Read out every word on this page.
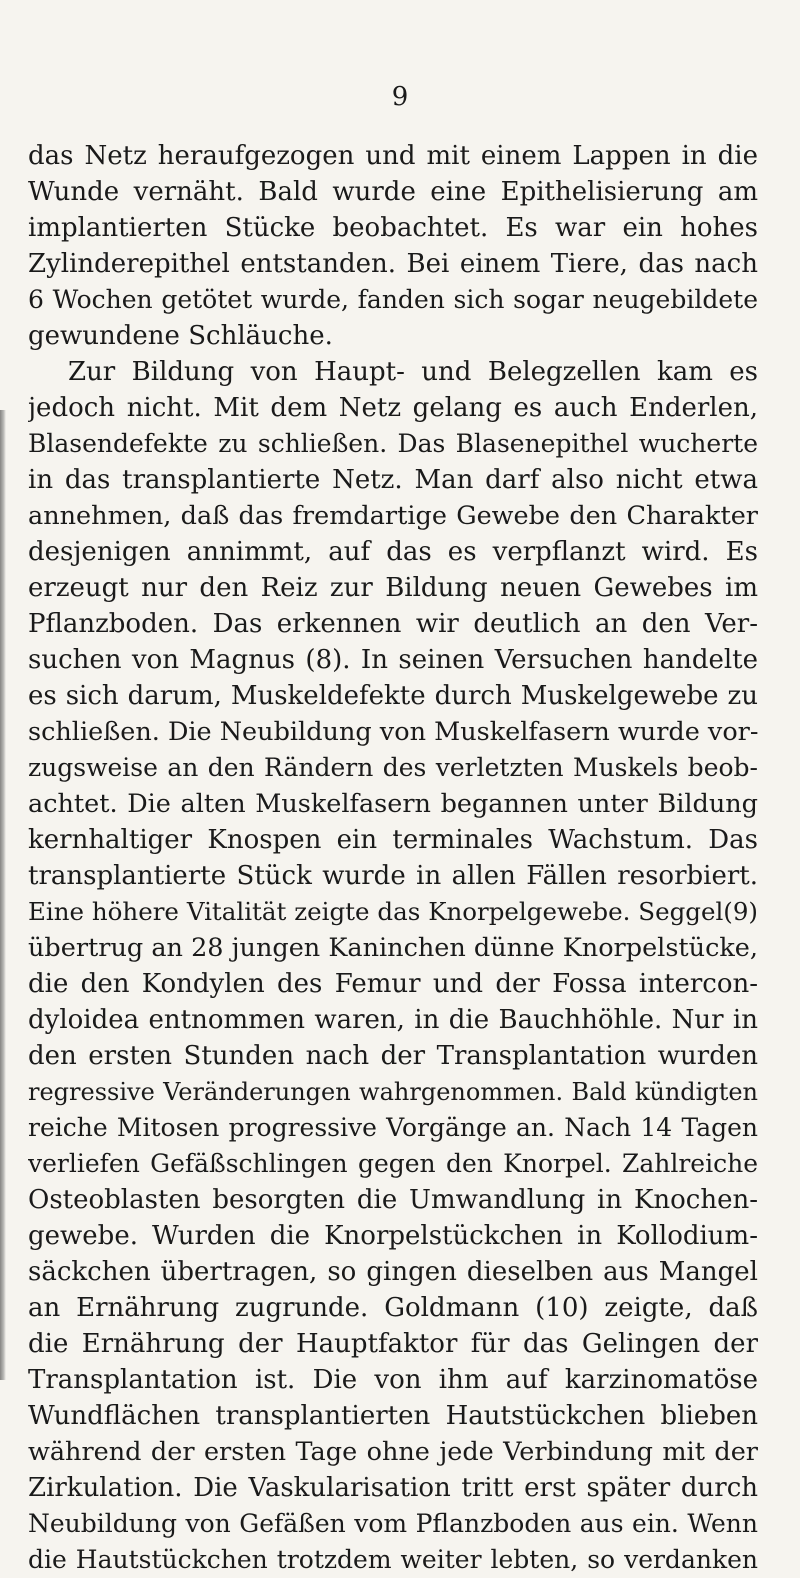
9
das Netz heraufgezogen und mit einem Lappen in die
Wunde vernäht. Bald wurde eine Epithelisierung am
implantierten Stücke beobachtet. Es war ein hohes
Zylinderepithel entstanden. Bei einem Tiere, das nach
6 Wochen getötet wurde, fanden sich sogar neugebildete
gewundene Schläuche.
Zur Bildung von Haupt- und Belegzellen kam es
jedoch nicht. Mit dem Netz gelang es auch Enderlen,
Blasendefekte zu schließen. Das Blasenepithel wucherte
in das transplantierte Netz. Man darf also nicht etwa
annehmen, daß das fremdartige Gewebe den Charakter
desjenigen annimmt, auf das es verpflanzt wird. Es
erzeugt nur den Reiz zur Bildung neuen Gewebes im
Pflanzboden. Das erkennen wir deutlich an den Ver-
suchen von Magnus (8). In seinen Versuchen handelte
es sich darum, Muskeldefekte durch Muskelgewebe zu
schließen. Die Neubildung von Muskelfasern wurde vor-
zugsweise an den Rändern des verletzten Muskels beob-
achtet. Die alten Muskelfasern begannen unter Bildung
kernhaltiger Knospen ein terminales Wachstum. Das
transplantierte Stück wurde in allen Fällen resorbiert.
Eine höhere Vitalität zeigte das Knorpelgewebe. Seggel(9)
übertrug an 28 jungen Kaninchen dünne Knorpelstücke,
die den Kondylen des Femur und der Fossa intercon-
dyloidea entnommen waren, in die Bauchhöhle. Nur in
den ersten Stunden nach der Transplantation wurden
regressive Veränderungen wahrgenommen. Bald kündigten
reiche Mitosen progressive Vorgänge an. Nach 14 Tagen
verliefen Gefäßschlingen gegen den Knorpel. Zahlreiche
Osteoblasten besorgten die Umwandlung in Knochen-
gewebe. Wurden die Knorpelstückchen in Kollodium-
säckchen übertragen, so gingen dieselben aus Mangel
an Ernährung zugrunde. Goldmann (10) zeigte, daß
die Ernährung der Hauptfaktor für das Gelingen der
Transplantation ist. Die von ihm auf karzinomatöse
Wundflächen transplantierten Hautstückchen blieben
während der ersten Tage ohne jede Verbindung mit der
Zirkulation. Die Vaskularisation tritt erst später durch
Neubildung von Gefäßen vom Pflanzboden aus ein. Wenn
die Hautstückchen trotzdem weiter lebten, so verdanken
